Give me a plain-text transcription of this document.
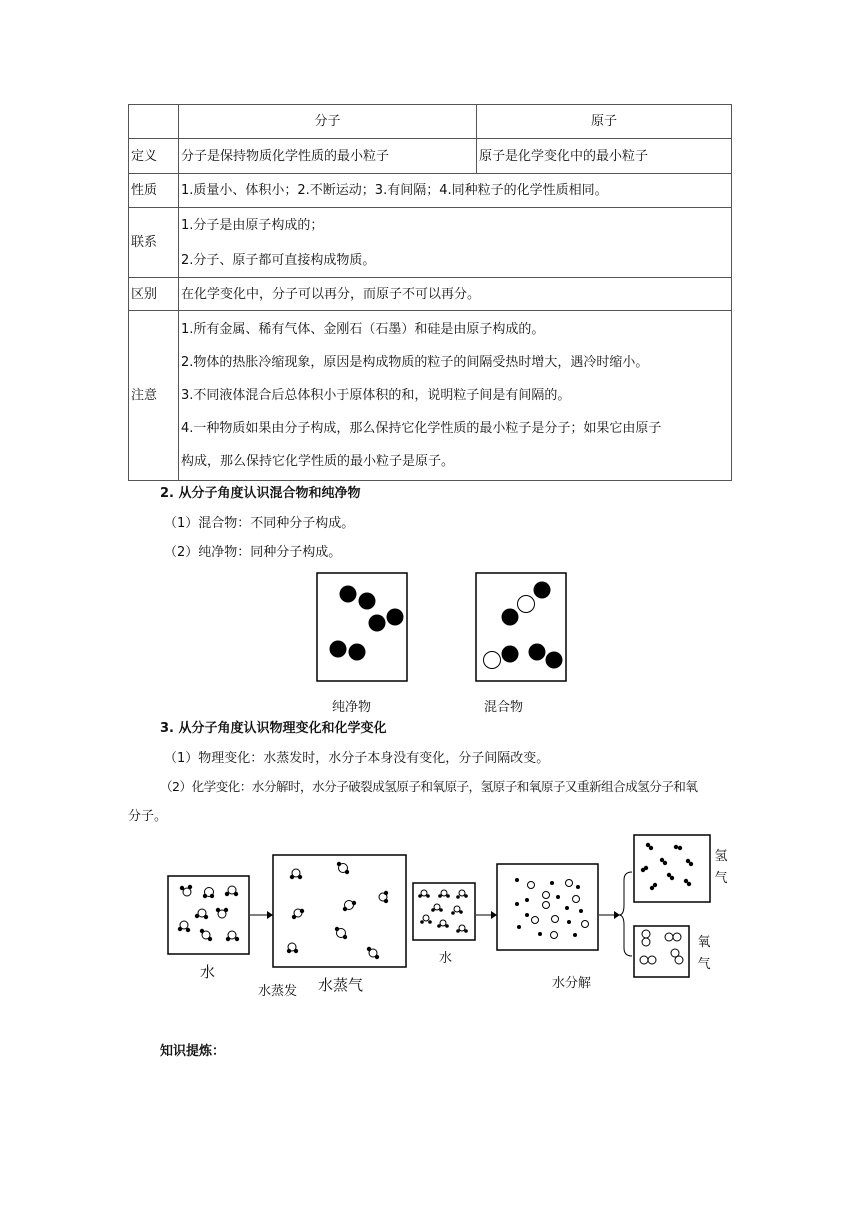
	分子	原子
定义	分子是保持物质化学性质的最小粒子	原子是化学变化中的最小粒子
性质	1.质量小、体积小；2.不断运动；3.有间隔；4.同种粒子的化学性质相同。	
联系	1.分子是由原子构成的；
2.分子、原子都可直接构成物质。	

区别	在化学变化中，分子可以再分，而原子不可以再分。	
注意	1.所有金属、稀有气体、金刚石（石墨）和硅是由原子构成的。
2.物体的热胀冷缩现象，原因是构成物质的粒子的间隔受热时增大，遇冷时缩小。
3.不同液体混合后总体积小于原体积的和，说明粒子间是有间隔的。
4.一种物质如果由分子构成，那么保持它化学性质的最小粒子是分子；如果它由原子
构成，那么保持它化学性质的最小粒子是原子。	
2. 从分子角度认识混合物和纯净物
（1）混合物：不同种分子构成。
（2）纯净物：同种分子构成。
纯净物	混合物
3. 从分子角度认识物理变化和化学变化
（1）物理变化：水蒸发时，水分子本身没有变化，分子间隔改变。
（2）化学变化：水分解时，水分子破裂成氢原子和氧原子，氢原子和氧原子又重新组合成氢分子和氧
分子。
水
水蒸发 水蒸气
水
水分解
氢
气
氧
气
知识提炼：
